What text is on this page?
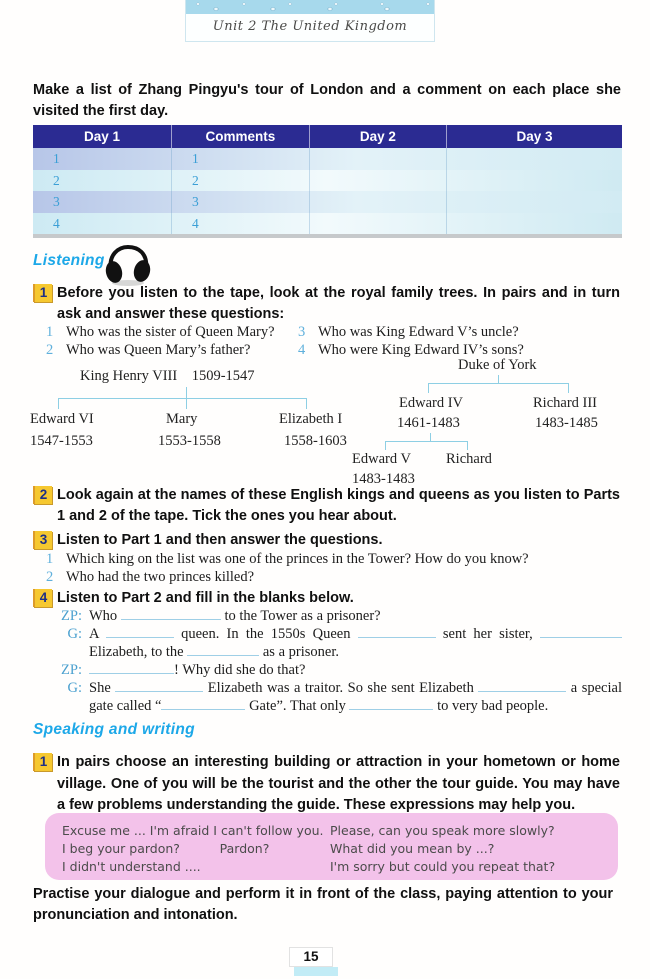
Unit 2 The United Kingdom
Make a list of Zhang Pingyu's tour of London and a comment on each place she visited the first day.
Day 1	Comments	Day 2	Day 3
1	1
2	2
3	3
4	4
Listening
1 Before you listen to the tape, look at the royal family trees. In pairs and in turn ask and answer these questions:
1 Who was the sister of Queen Mary? 3 Who was King Edward V’s uncle?
2 Who was Queen Mary’s father?	4 Who were King Edward IV’s sons?
King Henry VIII 1509-1547
Edward VI
1547-1553
Mary
1553-1558
Elizabeth I
1558-1603
Duke of York
Edward IV
1461-1483
Richard III
1483-1485
Edward V
1483-1483
Richard
2 Look again at the names of these English kings and queens as you listen to Parts 1 and 2 of the tape. Tick the ones you hear about.
3 Listen to Part 1 and then answer the questions.
1 Which king on the list was one of the princes in the Tower? How do you know?
2 Who had the two princes killed?
4 Listen to Part 2 and fill in the blanks below.
ZP: Who	to the Tower as a prisoner?
G: A	queen. In the 1550s Queen	sent her sister,  Elizabeth, to the	as a prisoner.
ZP:	! Why did she do that?
G: She	Elizabeth was a traitor. So she sent Elizabeth	a special gate called “	Gate”. That only	to very bad people.
Speaking and writing
1 In pairs choose an interesting building or attraction in your hometown or home village. One of you will be the tourist and the other the tour guide. You may have a few problems understanding the guide. These expressions may help you.
Excuse me ... I'm afraid I can't follow you.
I beg your pardon?          Pardon?
I didn't understand ....
Please, can you speak more slowly?
What did you mean by ...?
I'm sorry but could you repeat that?
Practise your dialogue and perform it in front of the class, paying attention to your pronunciation and intonation.
15
